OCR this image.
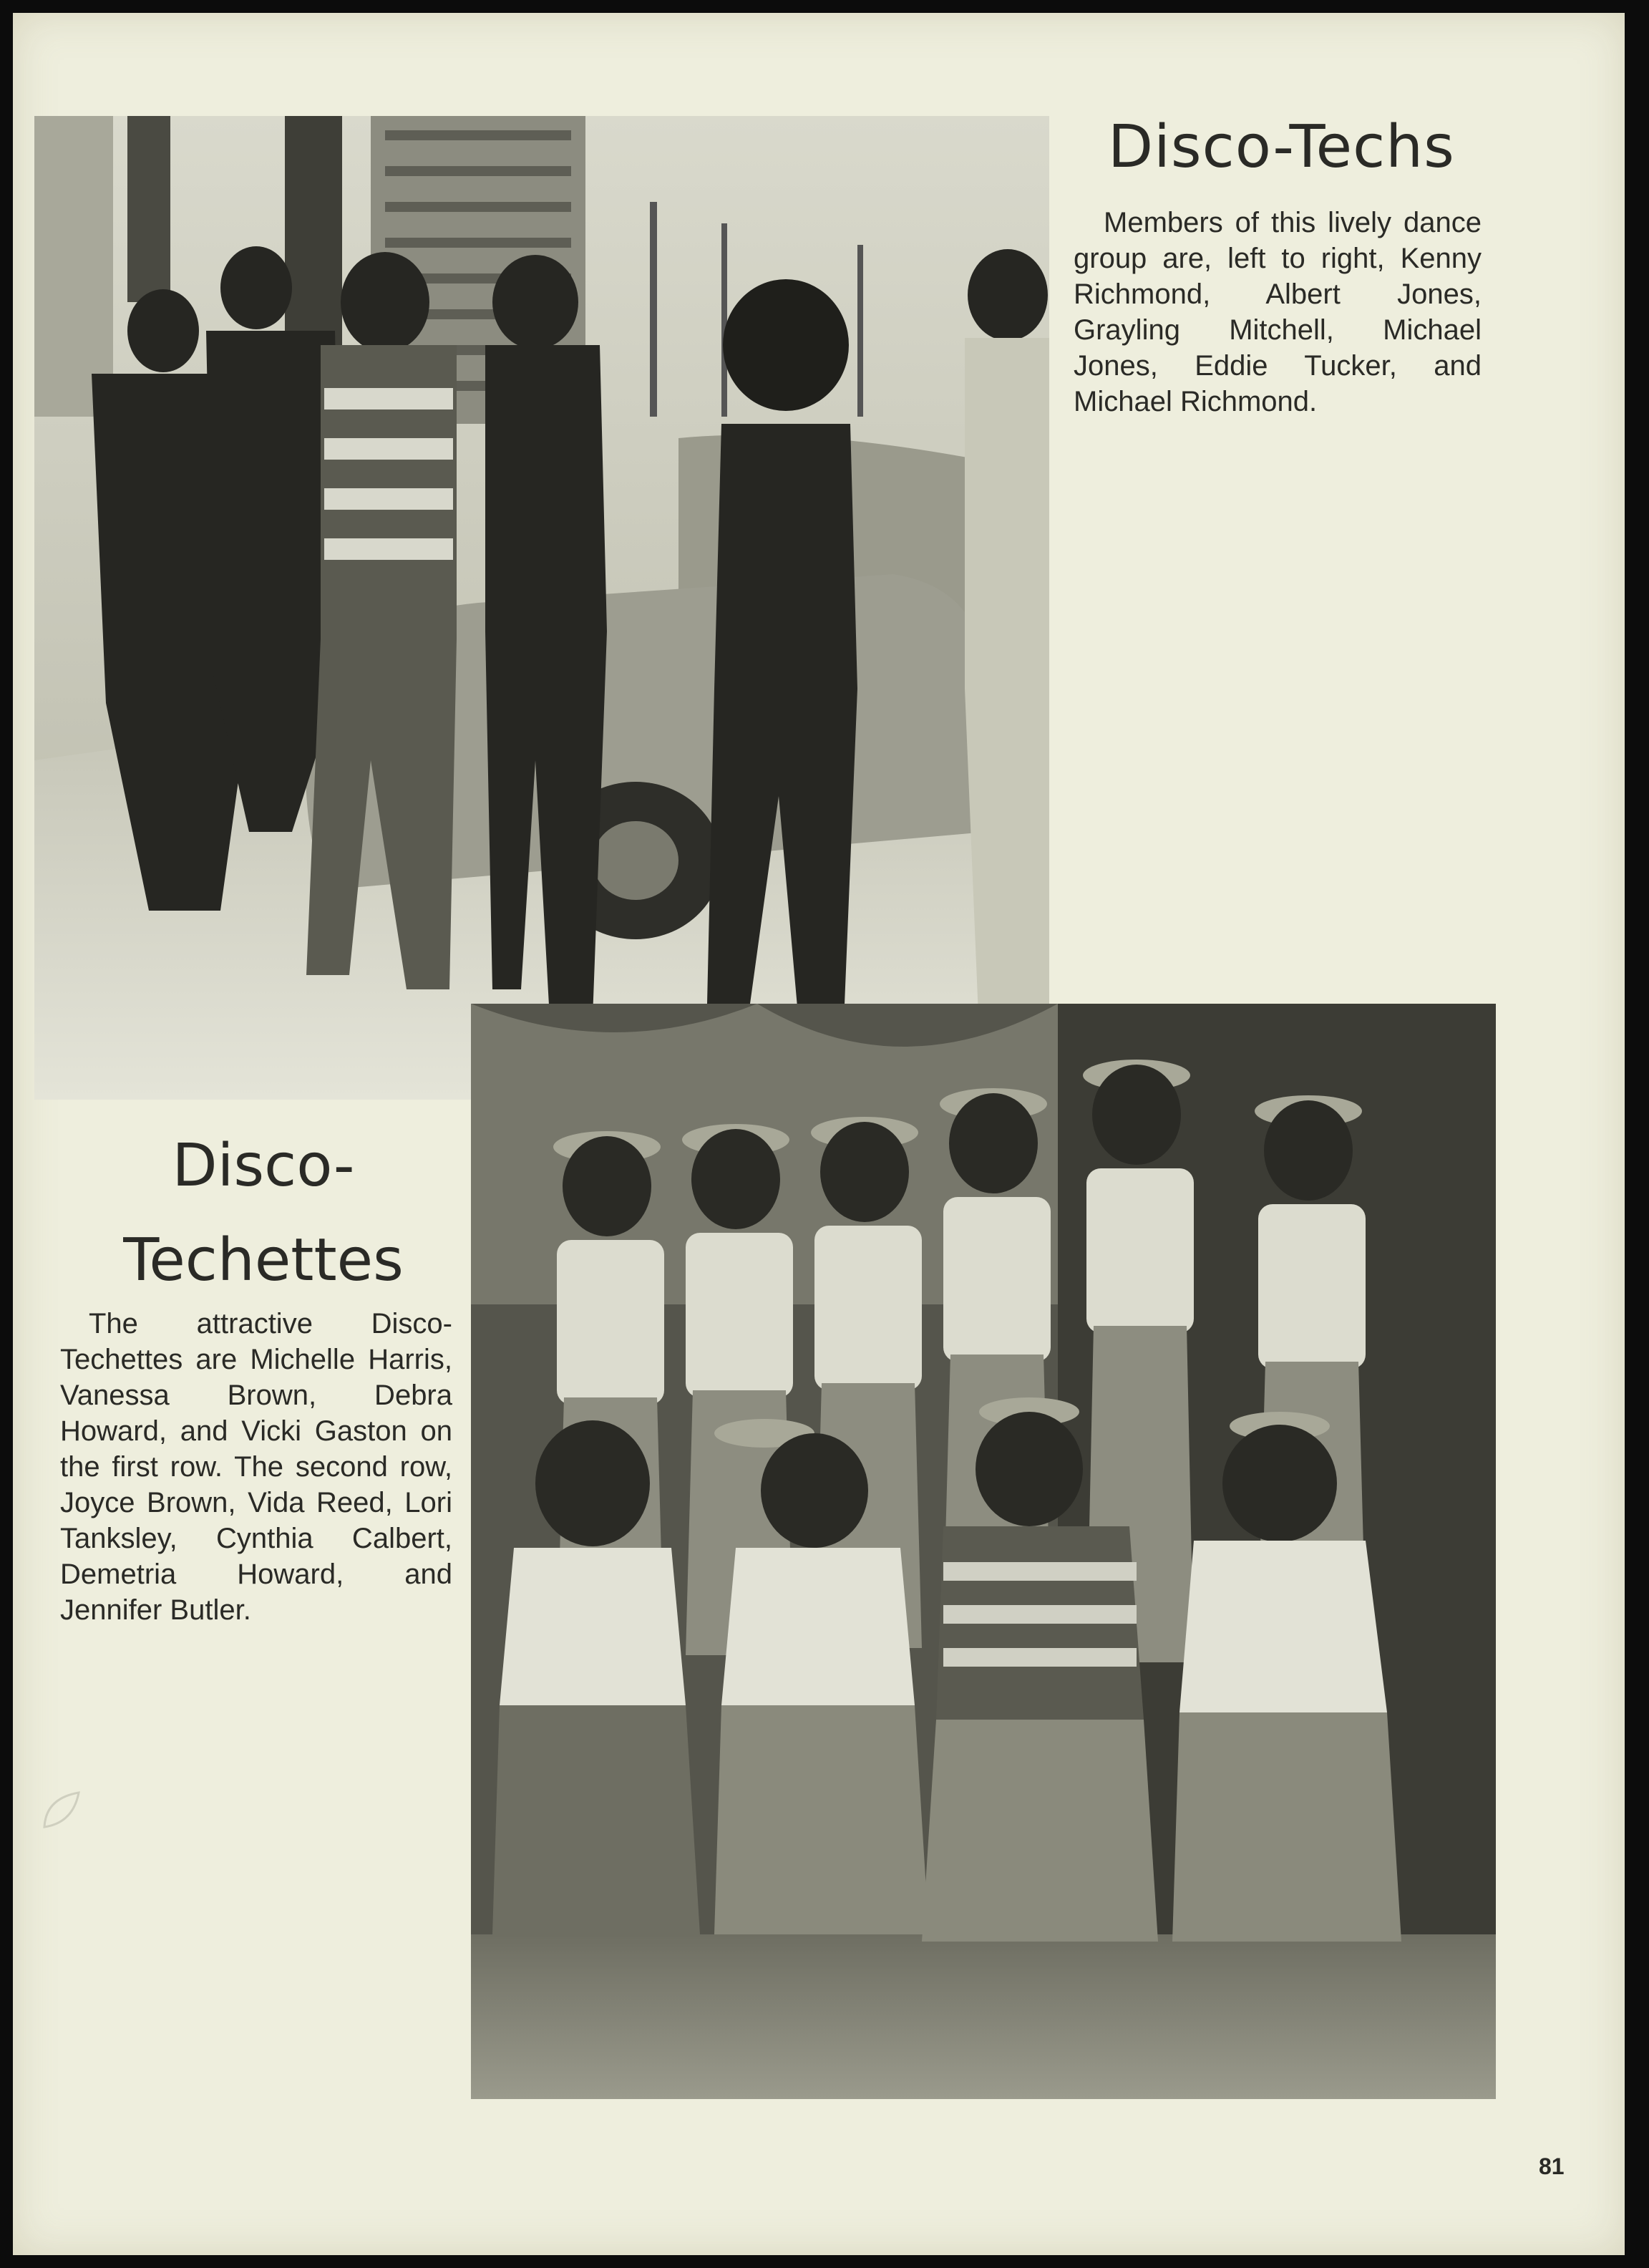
Disco-Techs

Members of this lively dance group are, left to right, Kenny Richmond, Albert Jones, Grayling Mitchell, Michael Jones, Eddie Tucker, and Michael Richmond.

Disco-
Techettes

The attractive Disco-Techettes are Michelle Harris, Vanessa Brown, Debra Howard, and Vicki Gaston on the first row. The second row, Joyce Brown, Vida Reed, Lori Tanksley, Cynthia Calbert, Demetria Howard, and Jennifer Butler.

81
